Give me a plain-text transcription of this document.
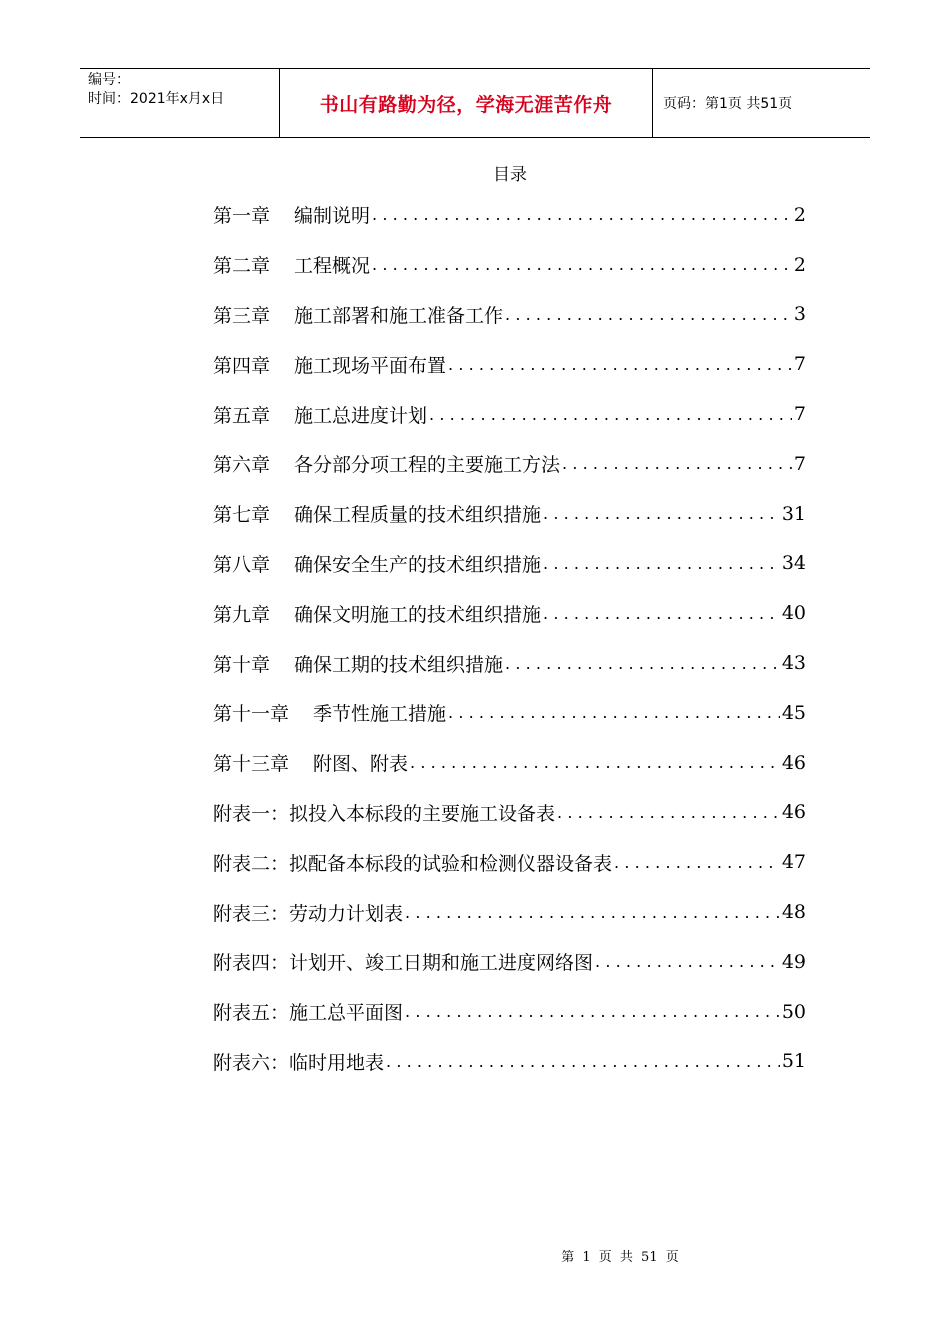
编号：
时间：2021年x月x日	书山有路勤为径，学海无涯苦作舟	页码：第1页 共51页
目录
第一章 编制说明 .....	2
第二章 工程概况 .....	2
第三章 施工部署和施工准备工作 .....	3
第四章 施工现场平面布置 .....	7
第五章 施工总进度计划 .....	7
第六章 各分部分项工程的主要施工方法 .....	7
第七章 确保工程质量的技术组织措施 .....	31
第八章 确保安全生产的技术组织措施 .....	34
第九章 确保文明施工的技术组织措施 .....	40
第十章 确保工期的技术组织措施 .....	43
第十一章 季节性施工措施 .....	45
第十三章 附图、附表 .....	46
附表一： 拟投入本标段的主要施工设备表 .....	46
附表二： 拟配备本标段的试验和检测仪器设备表 .....	47
附表三： 劳动力计划表 .....	48
附表四： 计划开、竣工日期和施工进度网络图 .....	49
附表五： 施工总平面图 .....	50
附表六： 临时用地表 .....	51
第 1 页 共 51 页
